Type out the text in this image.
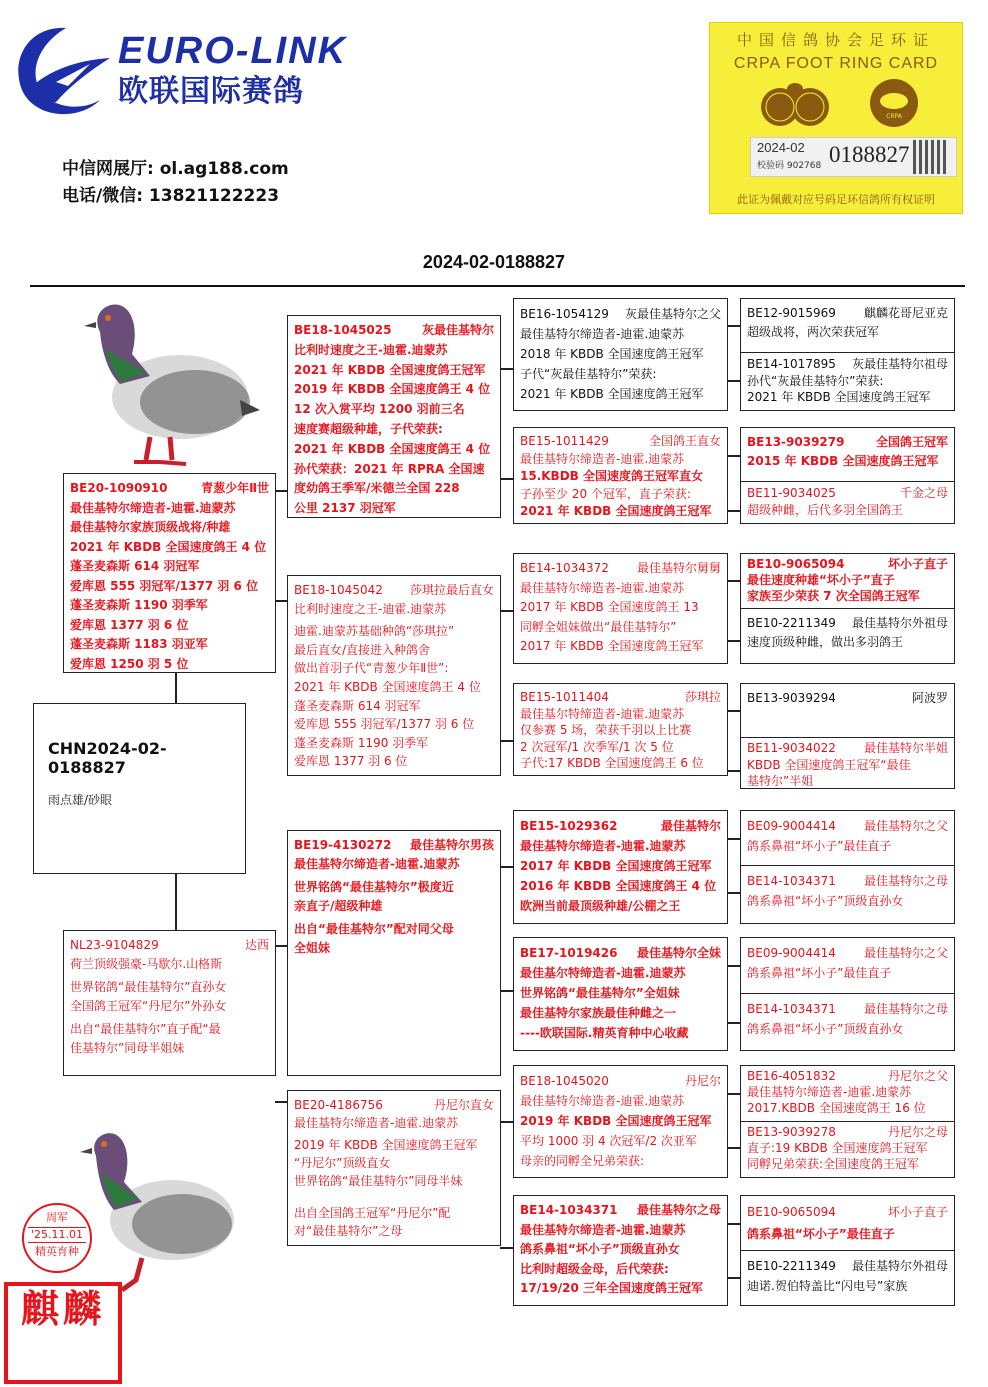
EURO-LINK
欧联国际赛鸽
中信网展厅: ol.ag188.com
电话/微信: 13821122223
中国信鸽协会足环证
CRPA FOOT RING CARD
CRPA
2024-02
校验码 902768 0188827
此证为佩戴对应号码足环信鸽所有权证明
2024-02-0188827
周军
'25.11.01
精英育种
麒麟
CHN2024-02-0188827
雨点雄/砂眼
BE20-1090910	青葱少年Ⅱ世
最佳基特尔缔造者-迪霍.迪蒙苏
最佳基特尔家族顶级战将/种雄
2021 年 KBDB 全国速度鸽王 4 位
蓬圣麦森斯 614 羽冠军
爱库恩 555 羽冠军/1377 羽 6 位
蓬圣麦森斯 1190 羽季军
爱库恩 1377 羽 6 位
蓬圣麦森斯 1183 羽亚军
爱库恩 1250 羽 5 位
NL23-9104829	达西
荷兰顶级强豪-马歇尔.山格斯
世界铭鸽“最佳基特尔”直孙女
全国鸽王冠军“丹尼尔”外孙女
出自“最佳基特尔”直子配“最
佳基特尔”同母半姐妹
BE18-1045025	灰最佳基特尔
比利时速度之王-迪霍.迪蒙苏
2021 年 KBDB 全国速度鸽王冠军
2019 年 KBDB 全国速度鸽王 4 位
12 次入赏平均 1200 羽前三名
速度赛超级种雄，子代荣获:
2021 年 KBDB 全国速度鸽王 4 位
孙代荣获：2021 年 RPRA 全国速
度幼鸽王季军/米德兰全国 228
公里 2137 羽冠军
BE18-1045042 莎琪拉最后直女
比利时速度之王-迪霍.迪蒙苏
迪霍.迪蒙苏基础种鸽“莎琪拉”
最后直女/直接进入种鸽舍
做出首羽子代“青葱少年Ⅱ世”:
2021 年 KBDB 全国速度鸽王 4 位
蓬圣麦森斯 614 羽冠军
爱库恩 555 羽冠军/1377 羽 6 位
蓬圣麦森斯 1190 羽季军
爱库恩 1377 羽 6 位
BE19-4130272 最佳基特尔男孩
最佳基特尔缔造者-迪霍.迪蒙苏
世界铭鸽“最佳基特尔”极度近
亲直子/超级种雄
出自“最佳基特尔”配对同父母
全姐妹
BE20-4186756	丹尼尔直女
最佳基特尔缔造者-迪霍.迪蒙苏
2019 年 KBDB 全国速度鸽王冠军
“丹尼尔”顶级直女
世界铭鸽“最佳基特尔”同母半妹
出自全国鸽王冠军“丹尼尔”配
对“最佳基特尔”之母
BE16-1054129 灰最佳基特尔之父
最佳基特尔缔造者-迪霍.迪蒙苏
2018 年 KBDB 全国速度鸽王冠军
子代“灰最佳基特尔”荣获:
2021 年 KBDB 全国速度鸽王冠军
BE15-1011429	全国鸽王直女
最佳基特尔缔造者-迪霍.迪蒙苏
15.KBDB 全国速度鸽王冠军直女
子孙至少 20 个冠军，直子荣获:
2021 年 KBDB 全国速度鸽王冠军
BE14-1034372 最佳基特尔舅舅
最佳基特尔缔造者-迪霍.迪蒙苏
2017 年 KBDB 全国速度鸽王 13
同孵全姐妹做出“最佳基特尔”
2017 年 KBDB 全国速度鸽王冠军
BE15-1011404	莎琪拉
最佳基尔特缔造者-迪霍.迪蒙苏
仅参赛 5 场，荣获千羽以上比赛
2 次冠军/1 次季军/1 次 5 位
子代:17 KBDB 全国速度鸽王 6 位
BE15-1029362	最佳基特尔
最佳基特尔缔造者-迪霍.迪蒙苏
2017 年 KBDB 全国速度鸽王冠军
2016 年 KBDB 全国速度鸽王 4 位
欧洲当前最顶级种雄/公棚之王
BE17-1019426 最佳基特尔全妹
最佳基尔特缔造者-迪霍.迪蒙苏
世界铭鸽“最佳基特尔”全姐妹
最佳基特尔家族最佳种雌之一
----欧联国际.精英育种中心收藏
BE18-1045020	丹尼尔
最佳基特尔缔造者-迪霍.迪蒙苏
2019 年 KBDB 全国速度鸽王冠军
平均 1000 羽 4 次冠军/2 次亚军
母亲的同孵全兄弟荣获:
BE14-1034371 最佳基特尔之母
最佳基特尔缔造者-迪霍.迪蒙苏
鸽系鼻祖“坏小子”顶级直孙女
比利时超级金母，后代荣获:
17/19/20 三年全国速度鸽王冠军
BE12-9015969 麒麟花哥尼亚克
超级战将，两次荣获冠军
BE14-1017895 灰最佳基特尔祖母
孙代“灰最佳基特尔”荣获:
2021 年 KBDB 全国速度鸽王冠军
BE13-9039279	全国鸽王冠军
2015 年 KBDB 全国速度鸽王冠军
BE11-9034025	千金之母
超级种雌，后代多羽全国鸽王
BE10-9065094	坏小子直子
最佳速度种雄“坏小子”直子
家族至少荣获 7 次全国鸽王冠军
BE10-2211349 最佳基特尔外祖母
速度顶级种雌，做出多羽鸽王
BE13-9039294	阿波罗
BE11-9034022 最佳基特尔半姐
KBDB 全国速度鸽王冠军“最佳
基特尔”半姐
BE09-9004414 最佳基特尔之父
鸽系鼻祖“坏小子”最佳直子
BE14-1034371 最佳基特尔之母
鸽系鼻祖“坏小子”顶级直孙女
BE09-9004414 最佳基特尔之父
鸽系鼻祖“坏小子”最佳直子
BE14-1034371 最佳基特尔之母
鸽系鼻祖“坏小子”顶级直孙女
BE16-4051832	丹尼尔之父
最佳基特尔缔造者-迪霍.迪蒙苏
2017.KBDB 全国速度鸽王 16 位
BE13-9039278	丹尼尔之母
直子:19 KBDB 全国速度鸽王冠军
同孵兄弟荣获:全国速度鸽王冠军
BE10-9065094	坏小子直子
鸽系鼻祖“坏小子”最佳直子
BE10-2211349 最佳基特尔外祖母
迪诺.贺伯特盖比“闪电号”家族
